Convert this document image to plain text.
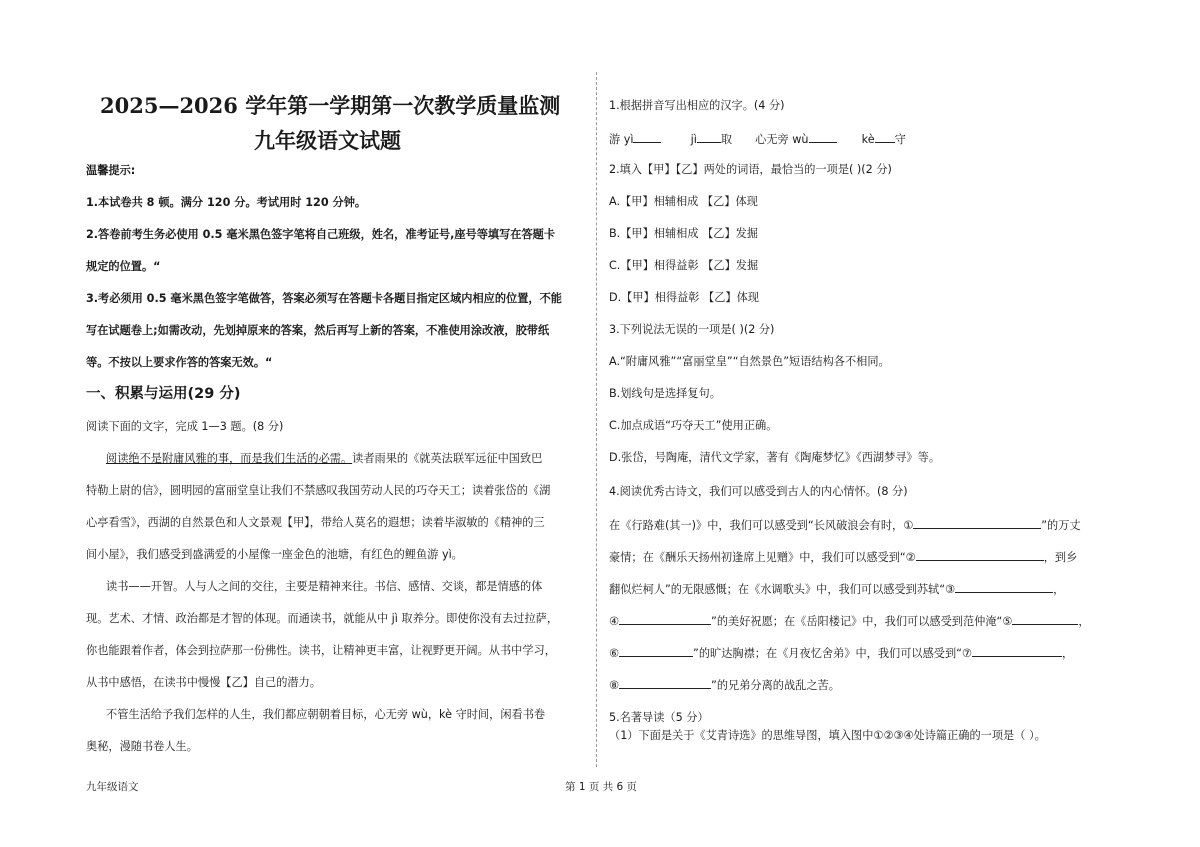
2025—2026 学年第一学期第一次教学质量监测
九年级语文试题
温馨提示:
1.本试卷共 8 顿。满分 120 分。考试用时 120 分钟。
2.答卷前考生务必使用 0.5 毫米黑色签字笔将自己班级，姓名，准考证号,座号等填写在答题卡
规定的位置。“
3.考必须用 0.5 毫米黑色签字笔做答，答案必须写在答题卡各题目指定区域内相应的位置，不能
写在试题卷上;如需改动，先划掉原来的答案，然后再写上新的答案，不准使用涂改液，胶带纸
等。不按以上要求作答的答案无效。“
一、积累与运用(29 分)
阅读下面的文字，完成 1—3 题。(8 分)
阅读绝不是附庸风雅的事，而是我们生活的必需。读者雨果的《就英法联军远征中国致巴
特勒上尉的信》，圆明园的富丽堂皇让我们不禁感叹我国劳动人民的巧夺天工；读着张岱的《湖
心亭看雪》，西湖的自然景色和人文景观【甲】，带给人莫名的遐想；读着毕淑敏的《精神的三
间小屋》，我们感受到盛满爱的小屋像一座金色的池塘，有红色的鲤鱼游 yì。
读书——开智。人与人之间的交往，主要是精神来往。书信、感情、交谈，都是情感的体
现。艺术、才情、政治都是才智的体现。而通读书，就能从中 jì 取养分。即使你没有去过拉萨，
你也能跟着作者，体会到拉萨那一份佛性。读书，让精神更丰富，让视野更开阔。从书中学习，
从书中感悟，在读书中慢慢【乙】自己的潜力。
不管生活给予我们怎样的人生，我们都应朝朝着目标，心无旁 wù，kè 守时间，闲看书卷
奥秘，漫随书卷人生。
1.根据拼音写出相应的汉字。(4 分)
游 yì	jì 取 心无旁 wù	kè 守
2.填入【甲】【乙】两处的词语，最恰当的一项是( )(2 分)
A.【甲】相辅相成 【乙】体现
B.【甲】相辅相成 【乙】发掘
C.【甲】相得益彰 【乙】发掘
D.【甲】相得益彰 【乙】体现
3.下列说法无误的一项是( )(2 分)
A.“附庸风雅”“富丽堂皇”“自然景色”短语结构各不相同。
B.划线句是选择复句。
C.加点成语“巧夺天工”使用正确。
D.张岱，号陶庵，清代文学家，著有《陶庵梦忆》《西湖梦寻》等。
4.阅读优秀古诗文，我们可以感受到古人的内心情怀。(8 分)
在《行路难(其一)》中，我们可以感受到“长风破浪会有时，①	”的万丈
豪情；在《酬乐天扬州初逢席上见赠》中，我们可以感受到“②	，到乡
翻似烂柯人”的无限感慨；在《水调歌头》中，我们可以感受到苏轼“③	，
④	”的美好祝愿；在《岳阳楼记》中，我们可以感受到范仲淹“⑤	，
⑥	”的旷达胸襟；在《月夜忆舍弟》中，我们可以感受到“⑦	，
⑧	”的兄弟分离的战乱之苦。
5.名著导读（5 分）
（1）下面是关于《艾青诗选》的思维导图，填入图中①②③④处诗篇正确的一项是（ ）。
九年级语文	第 1 页 共 6 页
